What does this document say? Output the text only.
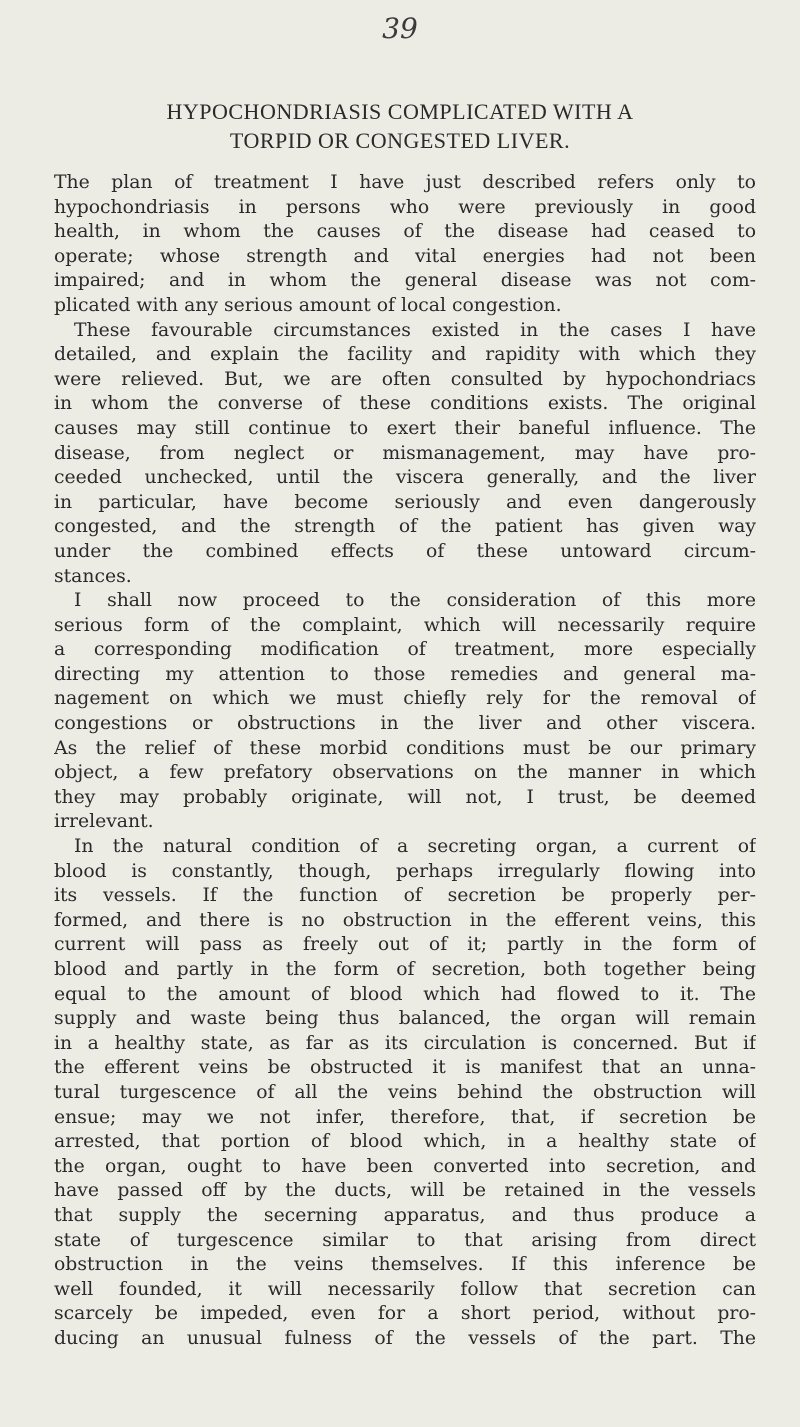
39
HYPOCHONDRIASIS COMPLICATED WITH A
TORPID OR CONGESTED LIVER.
The plan of treatment I have just described refers only to
hypochondriasis in persons who were previously in good
health, in whom the causes of the disease had ceased to
operate; whose strength and vital energies had not been
impaired; and in whom the general disease was not com-
plicated with any serious amount of local congestion.
These favourable circumstances existed in the cases I have
detailed, and explain the facility and rapidity with which they
were relieved. But, we are often consulted by hypochondriacs
in whom the converse of these conditions exists. The original
causes may still continue to exert their baneful influence. The
disease, from neglect or mismanagement, may have pro-
ceeded unchecked, until the viscera generally, and the liver
in particular, have become seriously and even dangerously
congested, and the strength of the patient has given way
under the combined effects of these untoward circum-
stances.
I shall now proceed to the consideration of this more
serious form of the complaint, which will necessarily require
a corresponding modification of treatment, more especially
directing my attention to those remedies and general ma-
nagement on which we must chiefly rely for the removal of
congestions or obstructions in the liver and other viscera.
As the relief of these morbid conditions must be our primary
object, a few prefatory observations on the manner in which
they may probably originate, will not, I trust, be deemed
irrelevant.
In the natural condition of a secreting organ, a current of
blood is constantly, though, perhaps irregularly flowing into
its vessels. If the function of secretion be properly per-
formed, and there is no obstruction in the efferent veins, this
current will pass as freely out of it; partly in the form of
blood and partly in the form of secretion, both together being
equal to the amount of blood which had flowed to it. The
supply and waste being thus balanced, the organ will remain
in a healthy state, as far as its circulation is concerned. But if
the efferent veins be obstructed it is manifest that an unna-
tural turgescence of all the veins behind the obstruction will
ensue; may we not infer, therefore, that, if secretion be
arrested, that portion of blood which, in a healthy state of
the organ, ought to have been converted into secretion, and
have passed off by the ducts, will be retained in the vessels
that supply the secerning apparatus, and thus produce a
state of turgescence similar to that arising from direct
obstruction in the veins themselves. If this inference be
well founded, it will necessarily follow that secretion can
scarcely be impeded, even for a short period, without pro-
ducing an unusual fulness of the vessels of the part. The
